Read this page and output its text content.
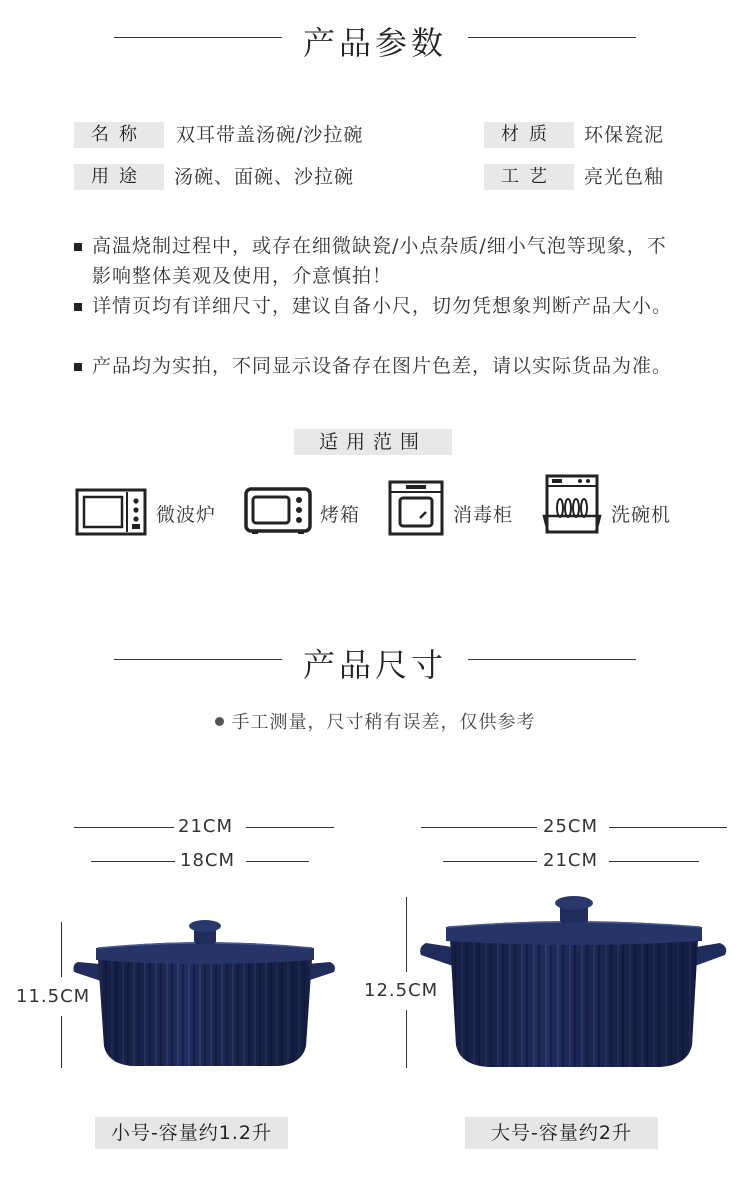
产品参数
名称	双耳带盖汤碗/沙拉碗	材质	环保瓷泥
用途	汤碗、面碗、沙拉碗	工艺	亮光色釉
高温烧制过程中，或存在细微缺瓷/小点杂质/细小气泡等现象，不影响整体美观及使用，介意慎拍！
详情页均有详细尺寸，建议自备小尺，切勿凭想象判断产品大小。
产品均为实拍，不同显示设备存在图片色差，请以实际货品为准。
适用范围
微波炉	烤箱	消毒柜	洗碗机
产品尺寸
手工测量，尺寸稍有误差，仅供参考
21CM
18CM
11.5CM
小号-容量约1.2升
25CM
21CM
12.5CM
大号-容量约2升
